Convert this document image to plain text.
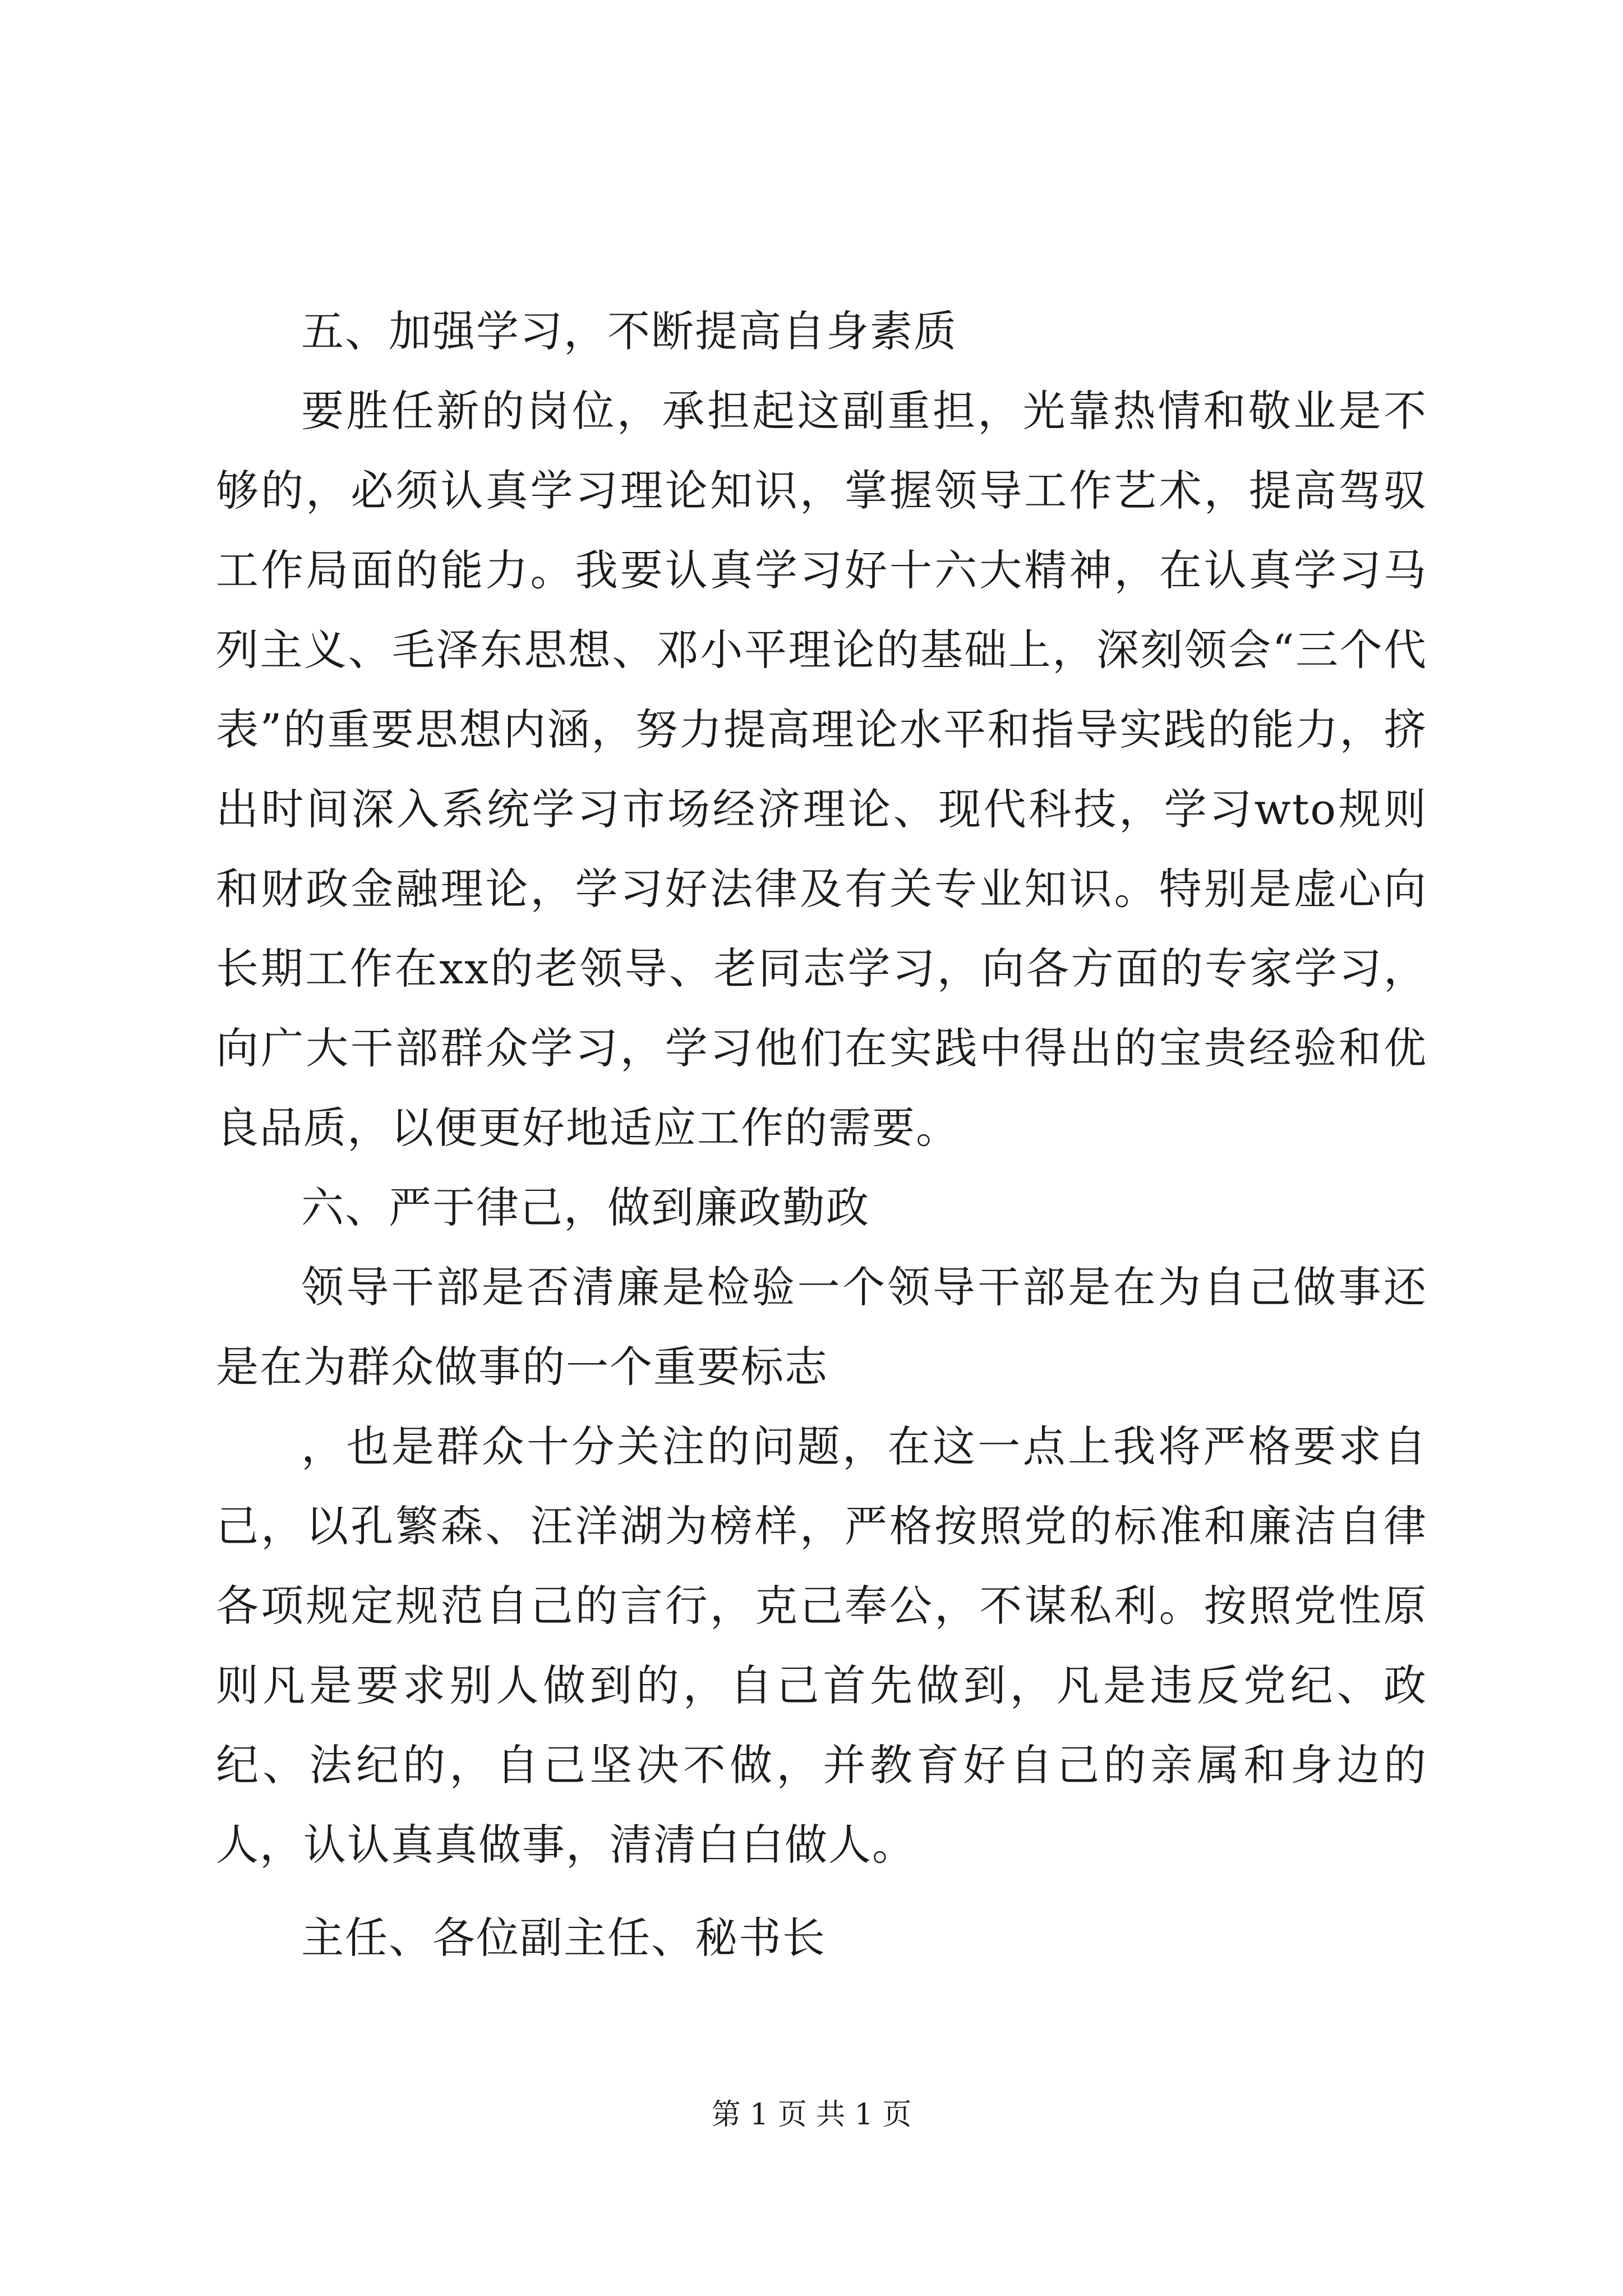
五、加强学习，不断提高自身素质

要胜任新的岗位，承担起这副重担，光靠热情和敬业是不够的，必须认真学习理论知识，掌握领导工作艺术，提高驾驭工作局面的能力。我要认真学习好十六大精神，在认真学习马列主义、毛泽东思想、邓小平理论的基础上，深刻领会“三个代表”的重要思想内涵，努力提高理论水平和指导实践的能力，挤出时间深入系统学习市场经济理论、现代科技，学习wto规则和财政金融理论，学习好法律及有关专业知识。特别是虚心向长期工作在xx的老领导、老同志学习，向各方面的专家学习，向广大干部群众学习，学习他们在实践中得出的宝贵经验和优良品质，以便更好地适应工作的需要。

六、严于律己，做到廉政勤政

领导干部是否清廉是检验一个领导干部是在为自己做事还是在为群众做事的一个重要标志

，也是群众十分关注的问题，在这一点上我将严格要求自己，以孔繁森、汪洋湖为榜样，严格按照党的标准和廉洁自律各项规定规范自己的言行，克己奉公，不谋私利。按照党性原则凡是要求别人做到的，自己首先做到，凡是违反党纪、政纪、法纪的，自己坚决不做，并教育好自己的亲属和身边的人，认认真真做事，清清白白做人。

主任、各位副主任、秘书长

第 1 页 共 1 页
